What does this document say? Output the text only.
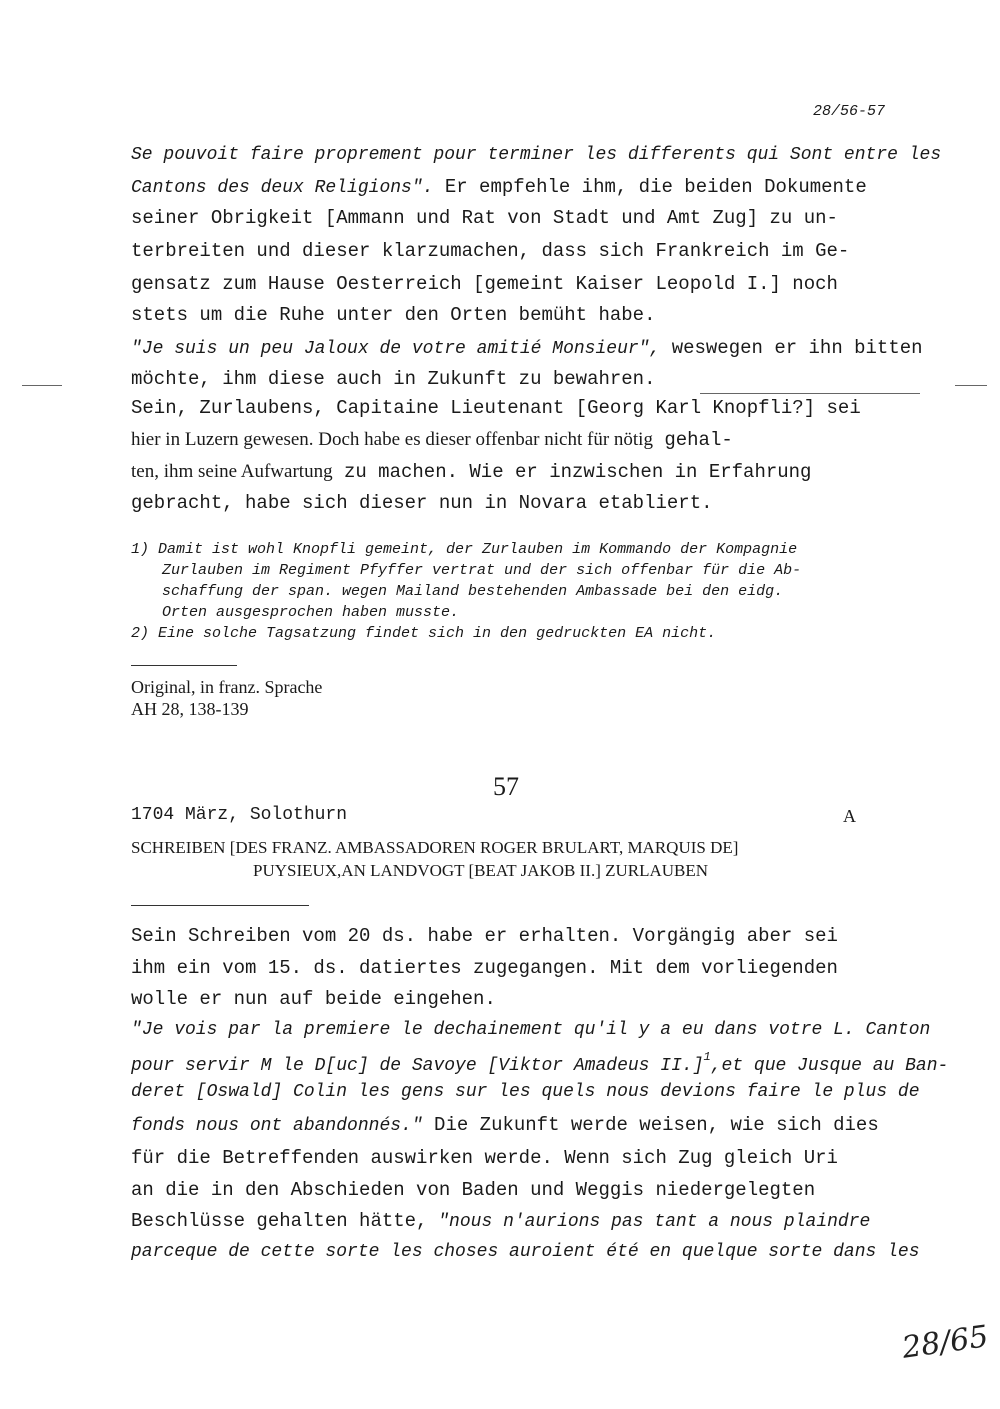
28/56-57
Se pouvoit faire proprement pour terminer les differents qui Sont entre les
Cantons des deux Religions". Er empfehle ihm, die beiden Dokumente
seiner Obrigkeit [Ammann und Rat von Stadt und Amt Zug] zu un-
terbreiten und dieser klarzumachen, dass sich Frankreich im Ge-
gensatz zum Hause Oesterreich [gemeint Kaiser Leopold I.] noch
stets um die Ruhe unter den Orten bemüht habe.
"Je suis un peu Jaloux de votre amitié Monsieur", weswegen er ihn bitten
möchte, ihm diese auch in Zukunft zu bewahren.
Sein, Zurlaubens, Capitaine Lieutenant [Georg Karl Knopfli?] sei
hier in Luzern gewesen. Doch habe es dieser offenbar nicht für nötig gehal-
ten, ihm seine Aufwartung zu machen. Wie er inzwischen in Erfahrung
gebracht, habe sich dieser nun in Novara etabliert.
1) Damit ist wohl Knopfli gemeint, der Zurlauben im Kommando der Kompagnie
Zurlauben im Regiment Pfyffer vertrat und der sich offenbar für die Ab-
schaffung der span. wegen Mailand bestehenden Ambassade bei den eidg.
Orten ausgesprochen haben musste.
2) Eine solche Tagsatzung findet sich in den gedruckten EA nicht.
Original, in franz. Sprache
AH 28, 138-139
57
1704 März, Solothurn	A
SCHREIBEN [DES FRANZ. AMBASSADOREN ROGER BRULART, MARQUIS DE]
PUYSIEUX,AN LANDVOGT [BEAT JAKOB II.] ZURLAUBEN
Sein Schreiben vom 20 ds. habe er erhalten. Vorgängig aber sei
ihm ein vom 15. ds. datiertes zugegangen. Mit dem vorliegenden
wolle er nun auf beide eingehen.
"Je vois par la premiere le dechainement qu'il y a eu dans votre L. Canton
pour servir M le D[uc] de Savoye [Viktor Amadeus II.]$^1$,et que Jusque au Ban-
deret [Oswald] Colin les gens sur les quels nous devions faire le plus de
fonds nous ont abandonnés." Die Zukunft werde weisen, wie sich dies
für die Betreffenden auswirken werde. Wenn sich Zug gleich Uri
an die in den Abschieden von Baden und Weggis niedergelegten
Beschlüsse gehalten hätte, "nous n'aurions pas tant a nous plaindre
parceque de cette sorte les choses auroient été en quelque sorte dans les
28/65
